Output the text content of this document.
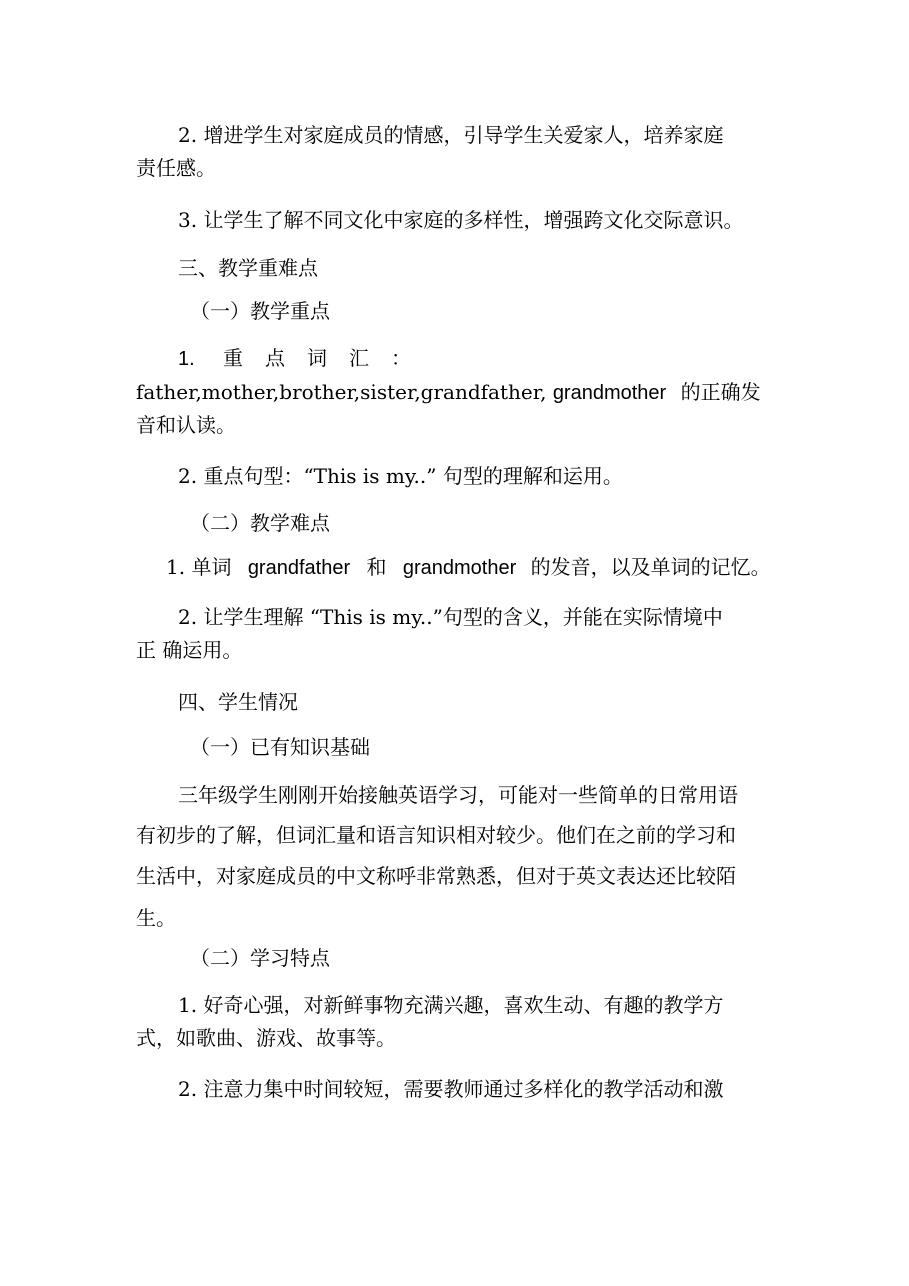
2. 增进学生对家庭成员的情感，引导学生关爱家人，培养家庭

责任感。

3. 让学生了解不同文化中家庭的多样性，增强跨文化交际意识。

三、教学重难点

（一）教学重点

1. 重点词汇：

father,mother,brother,sister,grandfather, grandmother 的正确发

音和认读。

2. 重点句型：“This is my..” 句型的理解和运用。

（二）教学难点

1. 单词 grandfather 和 grandmother 的发音，以及单词的记忆。

2. 让学生理解 “This is my..”句型的含义，并能在实际情境中

正 确运用。

四、学生情况

（一）已有知识基础

三年级学生刚刚开始接触英语学习，可能对一些简单的日常用语

有初步的了解，但词汇量和语言知识相对较少。他们在之前的学习和

生活中，对家庭成员的中文称呼非常熟悉，但对于英文表达还比较陌

生。

（二）学习特点

1. 好奇心强，对新鲜事物充满兴趣，喜欢生动、有趣的教学方

式，如歌曲、游戏、故事等。

2. 注意力集中时间较短，需要教师通过多样化的教学活动和激
